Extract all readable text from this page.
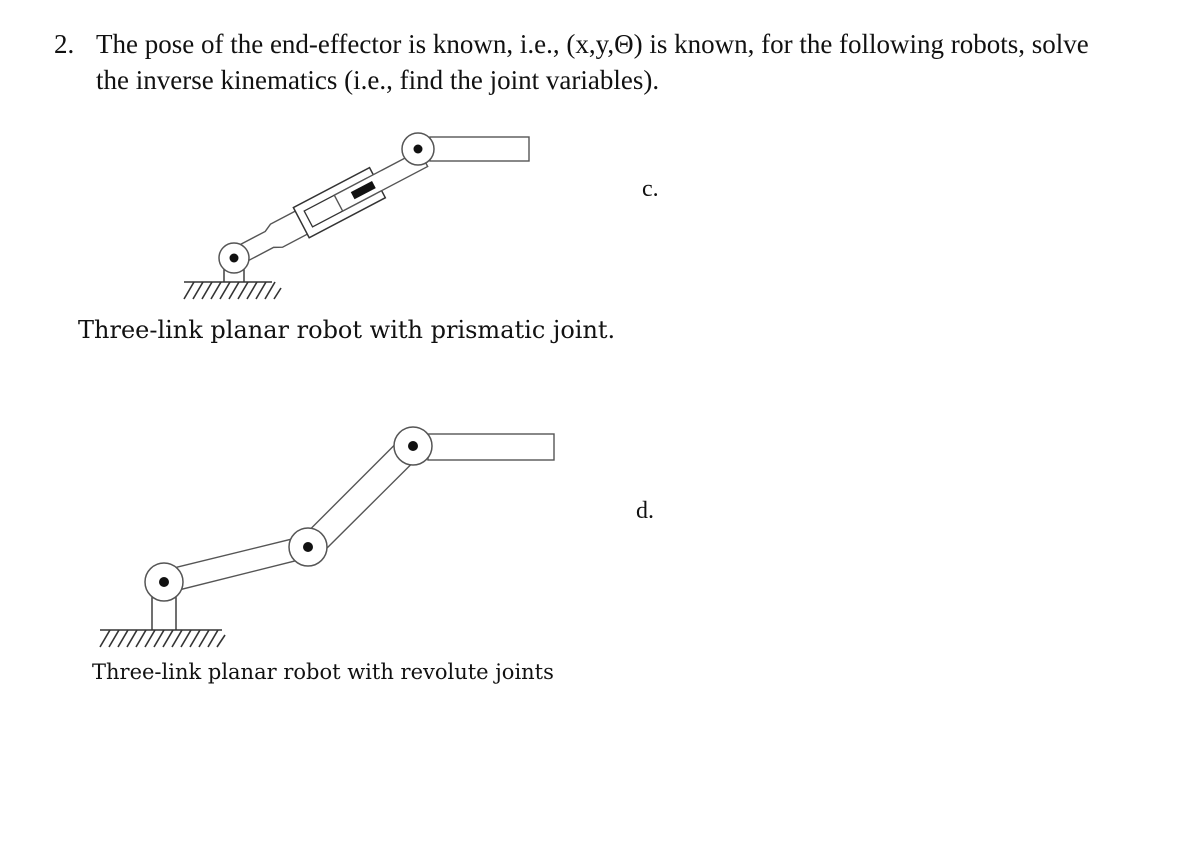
2. The pose of the end-effector is known, i.e., (x,y,Θ) is known, for the following robots, solve
the inverse kinematics (i.e., find the joint variables).
Three-link planar robot with prismatic joint.
c.
Three-link planar robot with revolute joints
d.
